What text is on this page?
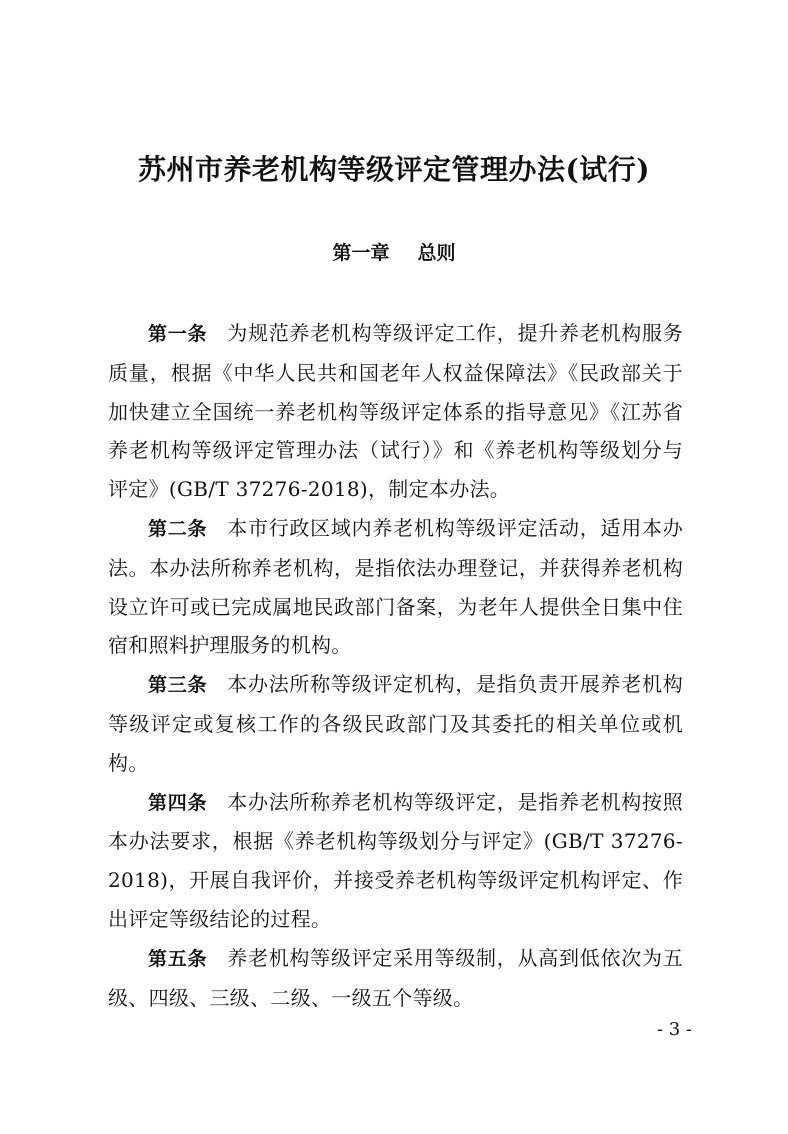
苏州市养老机构等级评定管理办法(试行)
第一章 总则

第一条 为规范养老机构等级评定工作，提升养老机构服务质量，根据《中华人民共和国老年人权益保障法》《民政部关于加快建立全国统一养老机构等级评定体系的指导意见》《江苏省养老机构等级评定管理办法（试行）》和《养老机构等级划分与评定》(GB/T 37276-2018)，制定本办法。

第二条 本市行政区域内养老机构等级评定活动，适用本办法。本办法所称养老机构，是指依法办理登记，并获得养老机构设立许可或已完成属地民政部门备案，为老年人提供全日集中住宿和照料护理服务的机构。

第三条 本办法所称等级评定机构，是指负责开展养老机构等级评定或复核工作的各级民政部门及其委托的相关单位或机构。

第四条 本办法所称养老机构等级评定，是指养老机构按照本办法要求，根据《养老机构等级划分与评定》(GB/T 37276-2018)，开展自我评价，并接受养老机构等级评定机构评定、作出评定等级结论的过程。

第五条 养老机构等级评定采用等级制，从高到低依次为五级、四级、三级、二级、一级五个等级。

- 3 -
